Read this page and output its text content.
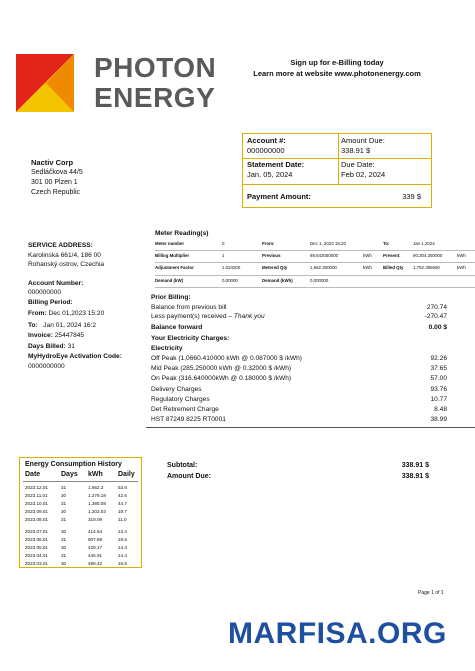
PHOTON
ENERGY
Sign up for e-Billing today
Learn more at website www.photonenergy.com
Account #:
000000000
Amount Due:
338.91 $
Statement Date:
Jan. 05, 2024
Due Date:
Feb 02, 2024
Payment Amount:	339 $
Nactiv Corp
Sedláčkova 44/5
301 00 Plzen 1
Czech Republic
SERVICE ADDRESS:
Karolinská 661/4, 186 00
Rohanský ostrov, Czechia
Account Number:
000000000
Billing Period:
From: Dec 01,2023 15:20
To: Jan 01, 2024 16:2
Invoice: 25447845
Days Billed: 31
MyHydroEye Activation Code:
0000000000
Meter Reading(s)
Meter number	0	From:	Dec 1, 2023 15:20	To:	Jan 1,2024
Billing Multiplier	1	Previous	88,642050000	kWh	Present:	90,304.350000	kWh
Adjustment Factor	1.034200	Metered Qty	1,662.300000	kWh	Billed Qty 1,752.396660	kWh
Demand (kW)	0.00000	Demand (kWh)	0,000000
Prior Billing:
Balance from previous bill	270.74
Less payment(s) received – Thank you	-270.47
Balance forward	0.00 $
Your Electricity Charges:
Electricity
Off Peak (1,0660.410000 kWh @ 0.087000 $ /kWh)	92.26
Mid Peak (285.250000 kWh @ 0.32000 $ /kWh)	37.65
On Peak (316.640000kWh @ 0.180000 $ /kWh)	57.00
Delivery Charges	93.76
Regulatory Charges	10.77
Det Retirement Charge	8.48
HST 87249 8225 RT0001	38.99
Subtotal:	338.91 $
Amount Due:	338.91 $
Energy Consumption History
Date	Days kWh Daily
2023.12.01	31	1.662.3	53.6
2023.11.01	30	1.279.18	42.6
2023.10.01	31	1.385.08	44.7
2023.09.01	30	1.202.03	19.7
2023.08.01	31	318.09	11.0
2023.07.01	30	414.54	13.4
2023.06.01	31	607.89	19.6
2023.05.01	30	429.17	14.3
2023.04.01	31	445.91	14.4
2023.03.01	30	498.42	16.5
Page 1 of 1
MARFISA.ORG
